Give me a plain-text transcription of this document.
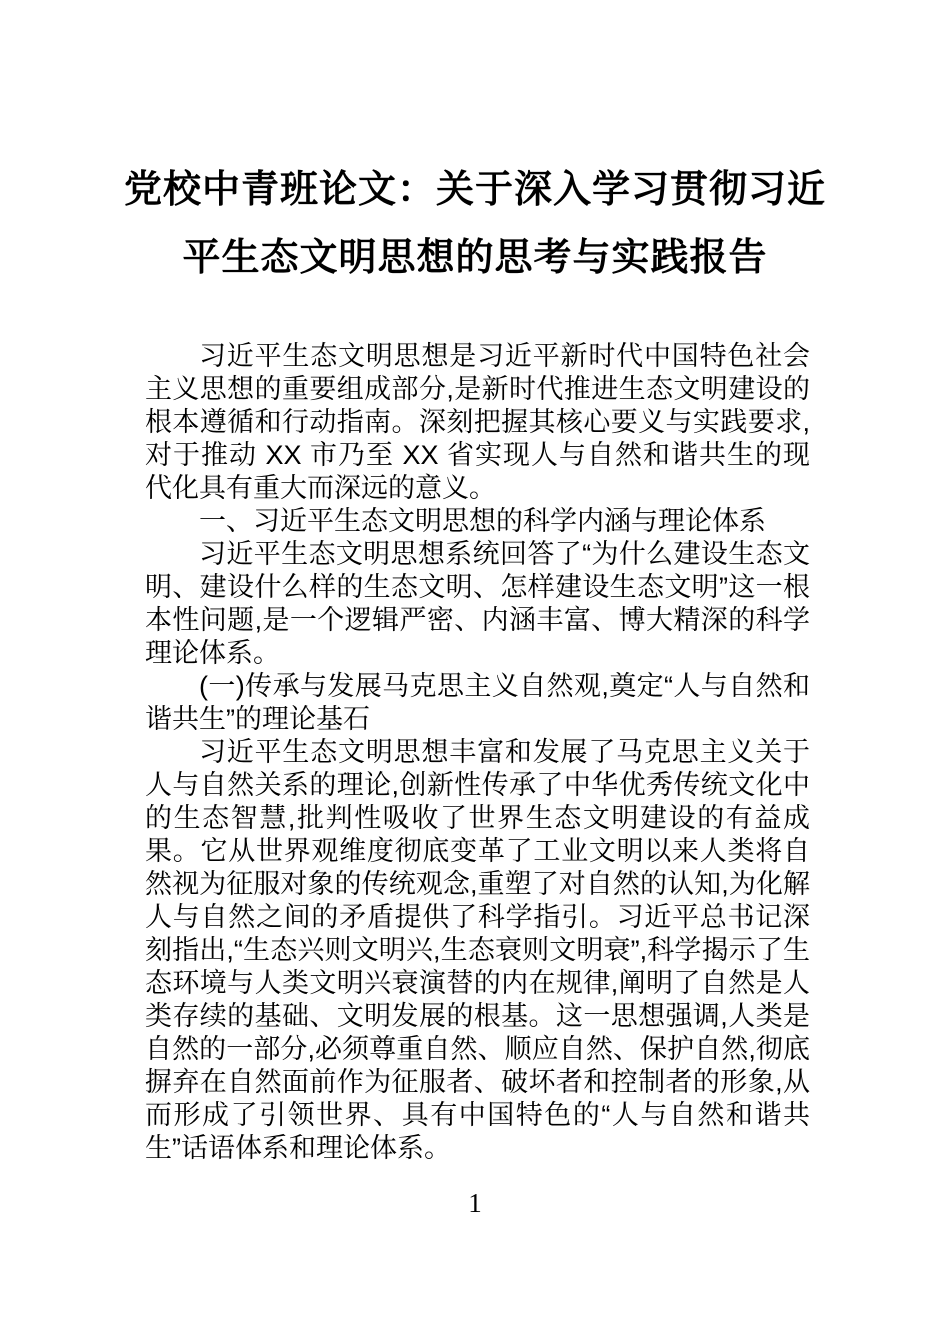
党校中青班论文：关于深入学习贯彻习近平生态文明思想的思考与实践报告

习近平生态文明思想是习近平新时代中国特色社会主义思想的重要组成部分,是新时代推进生态文明建设的根本遵循和行动指南。深刻把握其核心要义与实践要求,对于推动 XX 市乃至 XX 省实现人与自然和谐共生的现代化具有重大而深远的意义。

一、习近平生态文明思想的科学内涵与理论体系

习近平生态文明思想系统回答了“为什么建设生态文明、建设什么样的生态文明、怎样建设生态文明”这一根本性问题,是一个逻辑严密、内涵丰富、博大精深的科学理论体系。

(一)传承与发展马克思主义自然观,奠定“人与自然和谐共生”的理论基石

习近平生态文明思想丰富和发展了马克思主义关于人与自然关系的理论,创新性传承了中华优秀传统文化中的生态智慧,批判性吸收了世界生态文明建设的有益成果。它从世界观维度彻底变革了工业文明以来人类将自然视为征服对象的传统观念,重塑了对自然的认知,为化解人与自然之间的矛盾提供了科学指引。习近平总书记深刻指出,“生态兴则文明兴,生态衰则文明衰”,科学揭示了生态环境与人类文明兴衰演替的内在规律,阐明了自然是人类存续的基础、文明发展的根基。这一思想强调,人类是自然的一部分,必须尊重自然、顺应自然、保护自然,彻底摒弃在自然面前作为征服者、破坏者和控制者的形象,从而形成了引领世界、具有中国特色的“人与自然和谐共生”话语体系和理论体系。

1
